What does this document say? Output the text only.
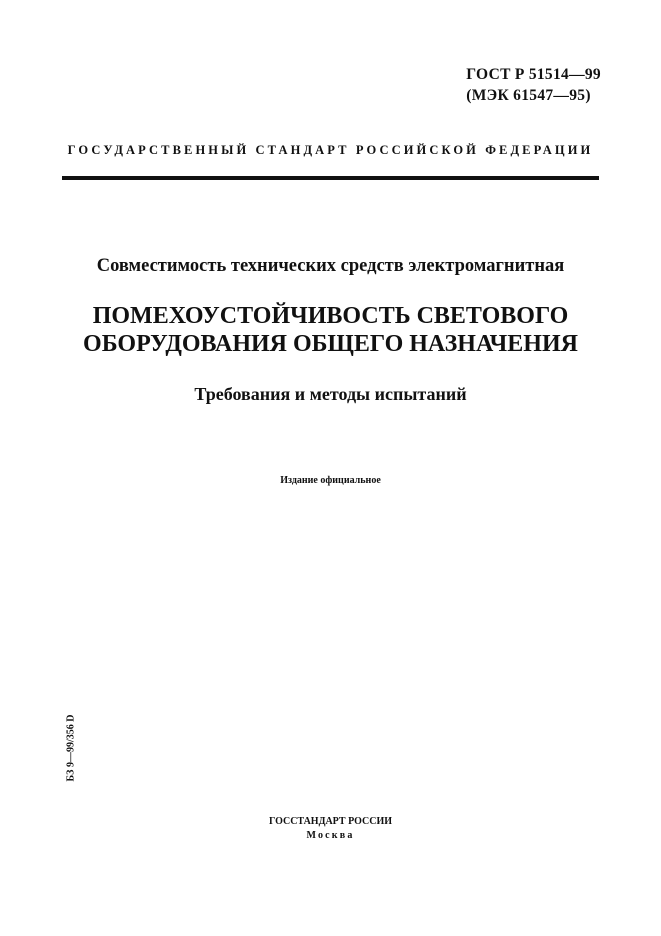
ГОСТ Р 51514—99
(МЭК 61547—95)
ГОСУДАРСТВЕННЫЙ СТАНДАРТ РОССИЙСКОЙ ФЕДЕРАЦИИ
Совместимость технических средств электромагнитная
ПОМЕХОУСТОЙЧИВОСТЬ СВЕТОВОГО
ОБОРУДОВАНИЯ ОБЩЕГО НАЗНАЧЕНИЯ
Требования и методы испытаний
Издание официальное
БЗ 9—99/356 D
ГОССТАНДАРТ РОССИИ
Москва
